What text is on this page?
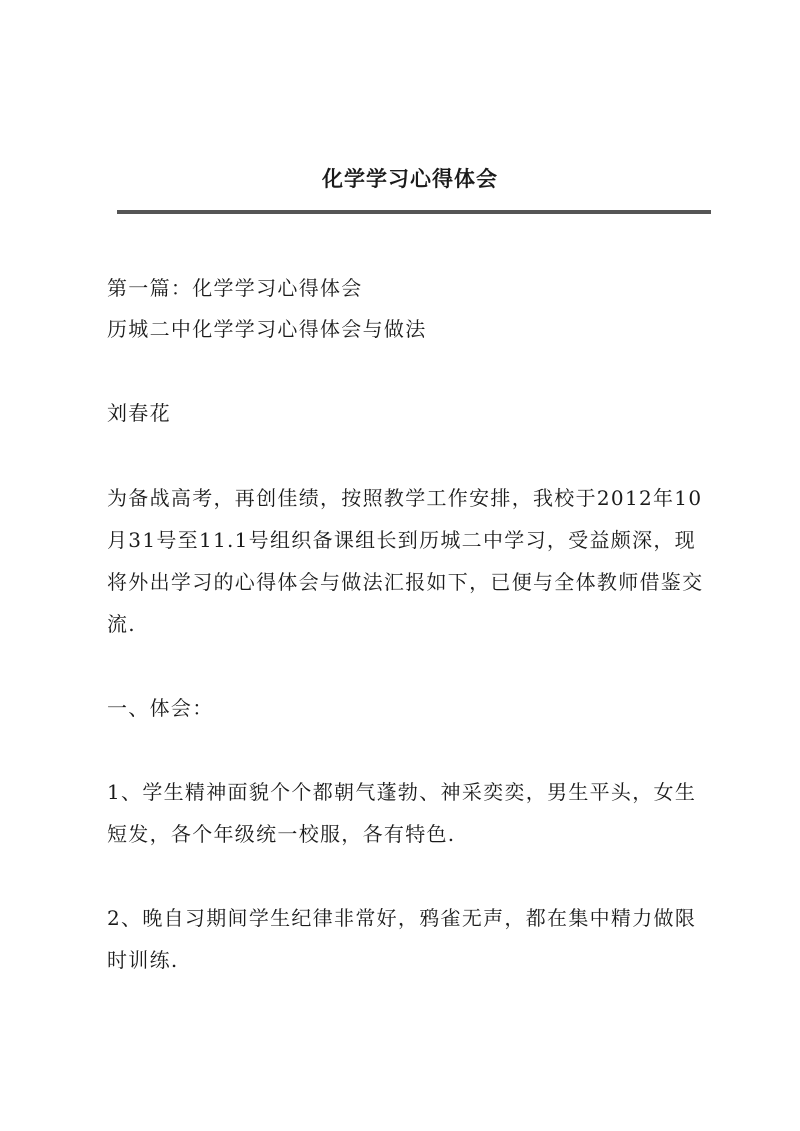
化学学习心得体会
第一篇：化学学习心得体会
历城二中化学学习心得体会与做法
刘春花
为备战高考，再创佳绩，按照教学工作安排，我校于2012年10月31号至11.1号组织备课组长到历城二中学习，受益颇深，现将外出学习的心得体会与做法汇报如下，已便与全体教师借鉴交流.
一、体会：
1、学生精神面貌个个都朝气蓬勃、神采奕奕，男生平头，女生短发，各个年级统一校服，各有特色.
2、晚自习期间学生纪律非常好，鸦雀无声，都在集中精力做限时训练.
